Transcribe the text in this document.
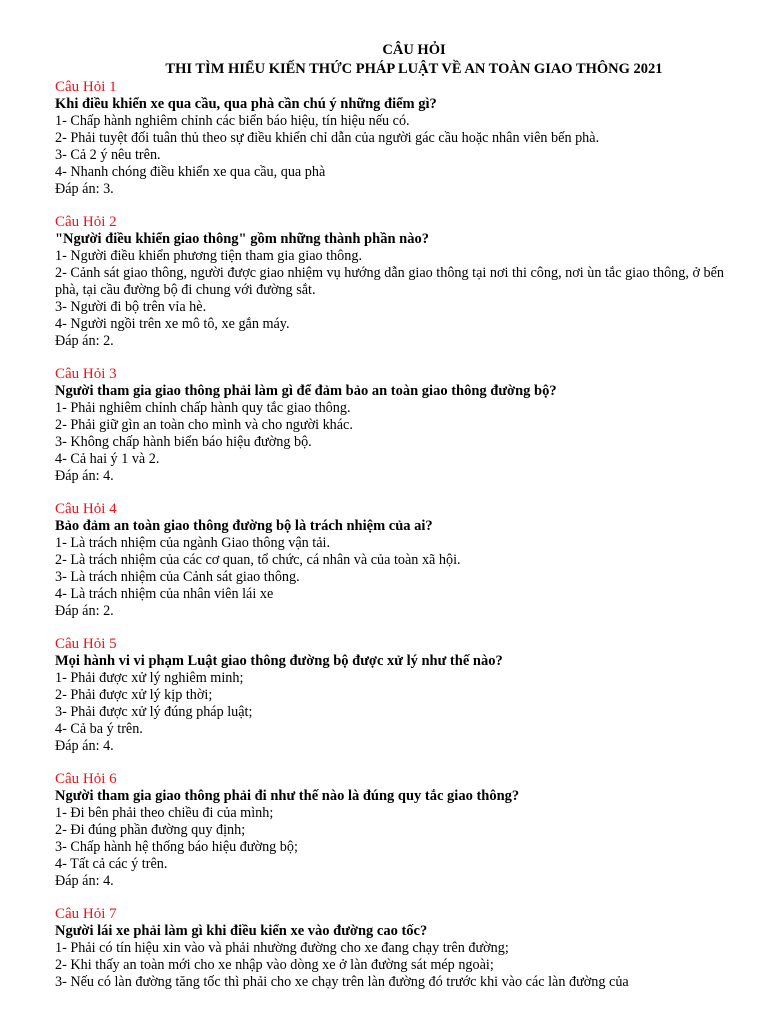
CÂU HỎI
THI TÌM HIỂU KIẾN THỨC PHÁP LUẬT VỀ AN TOÀN GIAO THÔNG 2021
Câu Hỏi 1
Khi điều khiển xe qua cầu, qua phà cần chú ý những điểm gì?
1- Chấp hành nghiêm chỉnh các biển báo hiệu, tín hiệu nếu có.
2- Phải tuyệt đối tuân thủ theo sự điều khiển chỉ dẫn của người gác cầu hoặc nhân viên bến phà.
3- Cả 2 ý nêu trên.
4- Nhanh chóng điều khiển xe qua cầu, qua phà
Đáp án: 3.
Câu Hỏi 2
"Người điều khiển giao thông" gồm những thành phần nào?
1- Người điều khiển phương tiện tham gia giao thông.
2- Cảnh sát giao thông, người được giao nhiệm vụ hướng dẫn giao thông tại nơi thi công, nơi ùn tắc giao thông, ở bến phà, tại cầu đường bộ đi chung với đường sắt.
3- Người đi bộ trên vỉa hè.
4- Người ngồi trên xe mô tô, xe gắn máy.
Đáp án: 2.
Câu Hỏi 3
Người tham gia giao thông phải làm gì để đảm bảo an toàn giao thông đường bộ?
1- Phải nghiêm chỉnh chấp hành quy tắc giao thông.
2- Phải giữ gìn an toàn cho mình và cho người khác.
3- Không chấp hành biển báo hiệu đường bộ.
4- Cả hai ý 1 và 2.
Đáp án: 4.
Câu Hỏi 4
Bảo đảm an toàn giao thông đường bộ là trách nhiệm của ai?
1- Là trách nhiệm của ngành Giao thông vận tải.
2- Là trách nhiệm của các cơ quan, tổ chức, cá nhân và của toàn xã hội.
3- Là trách nhiệm của Cảnh sát giao thông.
4- Là trách nhiệm của nhân viên lái xe
Đáp án: 2.
Câu Hỏi 5
Mọi hành vi vi phạm Luật giao thông đường bộ được xử lý như thế nào?
1- Phải được xử lý nghiêm minh;
2- Phải được xử lý kịp thời;
3- Phải được xử lý đúng pháp luật;
4- Cả ba ý trên.
Đáp án: 4.
Câu Hỏi 6
Người tham gia giao thông phải đi như thế nào là đúng quy tắc giao thông?
1- Đi bên phải theo chiều đi của mình;
2- Đi đúng phần đường quy định;
3- Chấp hành hệ thống báo hiệu đường bộ;
4- Tất cả các ý trên.
Đáp án: 4.
Câu Hỏi 7
Người lái xe phải làm gì khi điều kiển xe vào đường cao tốc?
1- Phải có tín hiệu xin vào và phải nhường đường cho xe đang chạy trên đường;
2- Khi thấy an toàn mới cho xe nhập vào dòng xe ở làn đường sát mép ngoài;
3- Nếu có làn đường tăng tốc thì phải cho xe chạy trên làn đường đó trước khi vào các làn đường của
